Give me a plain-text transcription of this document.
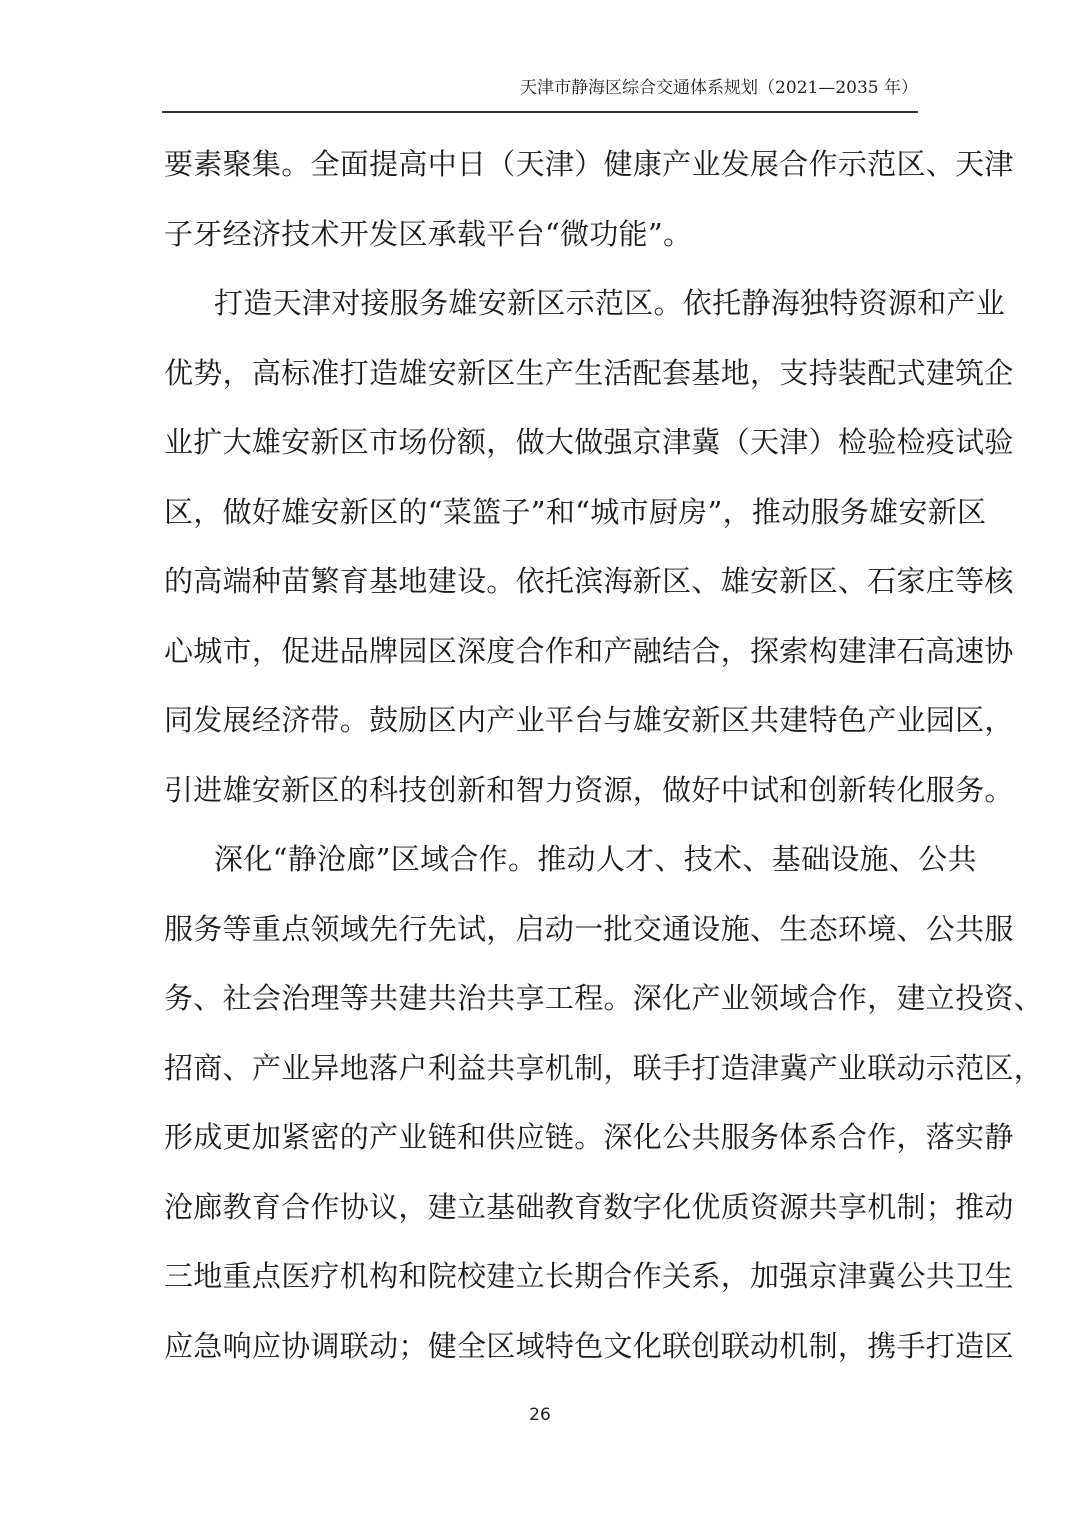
天津市静海区综合交通体系规划（2021—2035 年）
要素聚集。全面提高中日（天津）健康产业发展合作示范区、天津
子牙经济技术开发区承载平台“微功能”。
打造天津对接服务雄安新区示范区。依托静海独特资源和产业
优势，高标准打造雄安新区生产生活配套基地，支持装配式建筑企
业扩大雄安新区市场份额，做大做强京津冀（天津）检验检疫试验
区，做好雄安新区的“菜篮子”和“城市厨房”，推动服务雄安新区
的高端种苗繁育基地建设。依托滨海新区、雄安新区、石家庄等核
心城市，促进品牌园区深度合作和产融结合，探索构建津石高速协
同发展经济带。鼓励区内产业平台与雄安新区共建特色产业园区，
引进雄安新区的科技创新和智力资源，做好中试和创新转化服务。
深化“静沧廊”区域合作。推动人才、技术、基础设施、公共
服务等重点领域先行先试，启动一批交通设施、生态环境、公共服
务、社会治理等共建共治共享工程。深化产业领域合作，建立投资、
招商、产业异地落户利益共享机制，联手打造津冀产业联动示范区，
形成更加紧密的产业链和供应链。深化公共服务体系合作，落实静
沧廊教育合作协议，建立基础教育数字化优质资源共享机制；推动
三地重点医疗机构和院校建立长期合作关系，加强京津冀公共卫生
应急响应协调联动；健全区域特色文化联创联动机制，携手打造区
26
